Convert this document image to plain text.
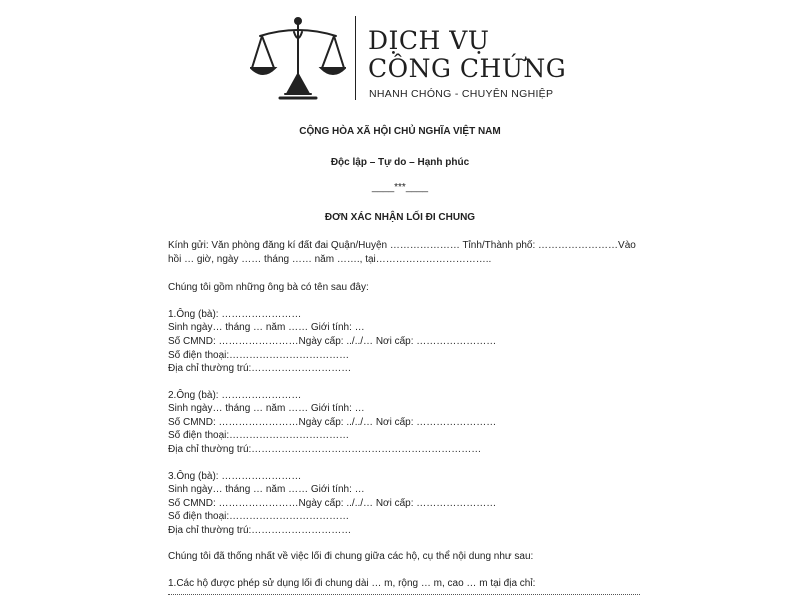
DỊCH VỤ
CÔNG CHỨNG
NHANH CHÓNG - CHUYÊN NGHIỆP
CỘNG HÒA XÃ HỘI CHỦ NGHĨA VIỆT NAM
Độc lập – Tự do – Hạnh phúc
____***____
ĐƠN XÁC NHẬN LỐI ĐI CHUNG
Kính gửi: Văn phòng đăng kí đất đai Quận/Huyện ………………… Tỉnh/Thành phố: ……………………Vào
hồi … giờ, ngày …… tháng …… năm ……., tại……………………………..
Chúng tôi gồm những ông bà có tên sau đây:
1.Ông (bà): ……………………
Sinh ngày… tháng … năm …… Giới tính: …
Số CMND: ……………………Ngày cấp: ../../… Nơi cấp: ……………………
Số điện thoại:………………………………
Địa chỉ thường trú:…………………………
2.Ông (bà): ……………………
Sinh ngày… tháng … năm …… Giới tính: …
Số CMND: ……………………Ngày cấp: ../../… Nơi cấp: ……………………
Số điện thoại:………………………………
Địa chỉ thường trú:……………………………………………………………
3.Ông (bà): ……………………
Sinh ngày… tháng … năm …… Giới tính: …
Số CMND: ……………………Ngày cấp: ../../… Nơi cấp: ……………………
Số điện thoại:………………………………
Địa chỉ thường trú:…………………………
Chúng tôi đã thống nhất về việc lối đi chung giữa các hộ, cụ thể nội dung như sau:
1.Các hộ được phép sử dụng lối đi chung dài … m, rộng … m, cao … m tại địa chỉ:
